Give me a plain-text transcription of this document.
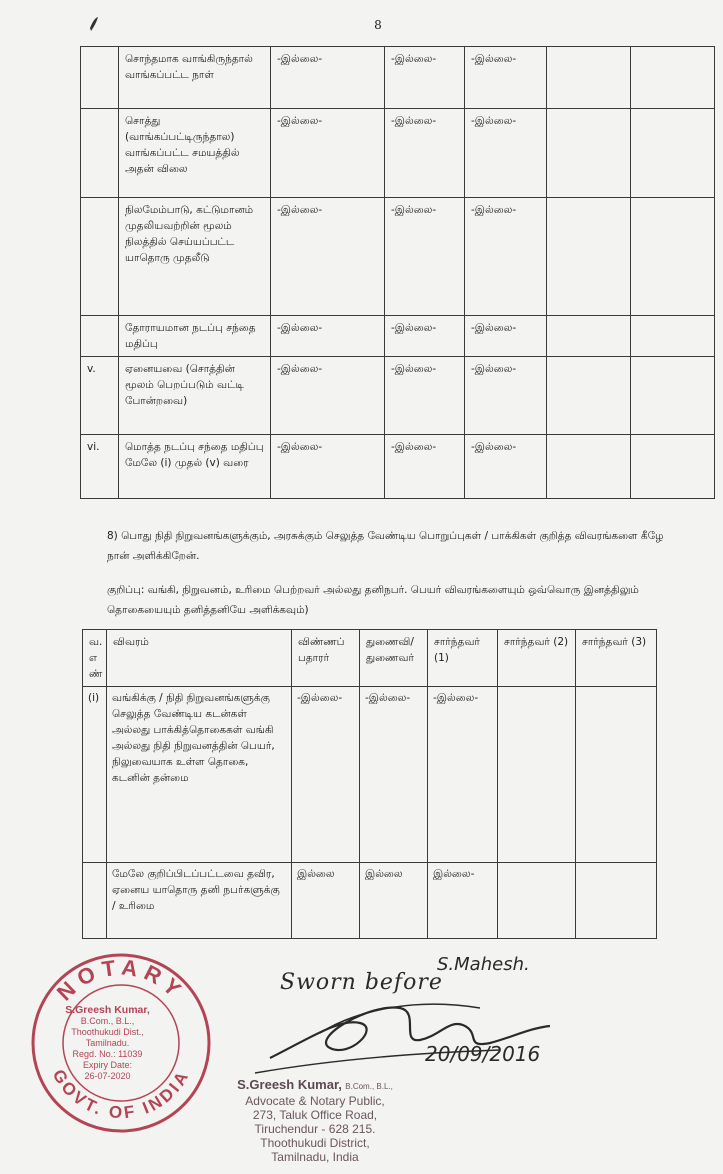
8
	சொந்தமாக வாங்கிருந்தால் வாங்கப்பட்ட நாள்	-இல்லை-	-இல்லை-	-இல்லை-		
	சொத்து (வாங்கப்பட்டிருந்தால) வாங்கப்பட்ட சமயத்தில் அதன் விலை	-இல்லை-	-இல்லை-	-இல்லை-		
	நிலமேம்பாடு, கட்டுமானம் முதலியவற்றின் மூலம் நிலத்தில் செய்யப்பட்ட யாதொரு முதலீடு	-இல்லை-	-இல்லை-	-இல்லை-		
	தோராயமான நடப்பு சந்தை மதிப்பு	-இல்லை-	-இல்லை-	-இல்லை-		
v.	ஏனையவை (சொத்தின் மூலம் பெறப்படும் வட்டி போன்றவை)	-இல்லை-	-இல்லை-	-இல்லை-		
vi.	மொத்த நடப்பு சந்தை மதிப்பு மேலே (i) முதல் (v) வரை	-இல்லை-	-இல்லை-	-இல்லை-		
8) பொது நிதி நிறுவனங்களுக்கும், அரசுக்கும் செலுத்த வேண்டிய பொறுப்புகள் / பாக்கிகள் குறித்த விவரங்களை கீழே நான் அளிக்கிறேன்.
குறிப்பு: வங்கி, நிறுவனம், உரிமை பெற்றவர் அல்லது தனிநபர். பெயர் விவரங்களையும் ஒவ்வொரு இனத்திலும் தொகையையும் தனித்தனியே அளிக்கவும்)
வ. எ ண்	விவரம்	விண்ணப் பதாரர்	துணைவி/ துணைவர்	சார்ந்தவர் (1)	சார்ந்தவர் (2)	சார்ந்தவர் (3)
(i)	வங்கிக்கு / நிதி நிறுவனங்களுக்கு செலுத்த வேண்டிய கடன்கள் அல்லது பாக்கித்தொகைகள் வங்கி அல்லது நிதி நிறுவனத்தின் பெயர், நிலுவையாக உள்ள தொகை, கடனின் தன்மை	-இல்லை-	-இல்லை-	-இல்லை-		
	மேலே குறிப்பிடப்பட்டவை தவிர, ஏனைய யாதொரு தனி நபர்களுக்கு / உரிமை	இல்லை	இல்லை	இல்லை-		
NOTARY
GOVT. OF INDIA
S.Greesh Kumar,
B.Com., B.L.,
Thoothukudi Dist.,
Tamilnadu.
Regd. No.: 11039
Expiry Date:
26-07-2020
S.Mahesh.
Sworn before
20/09/2016
S.Greesh Kumar, B.Com., B.L.,
Advocate & Notary Public,
273, Taluk Office Road,
Tiruchendur - 628 215.
Thoothukudi District,
Tamilnadu, India
